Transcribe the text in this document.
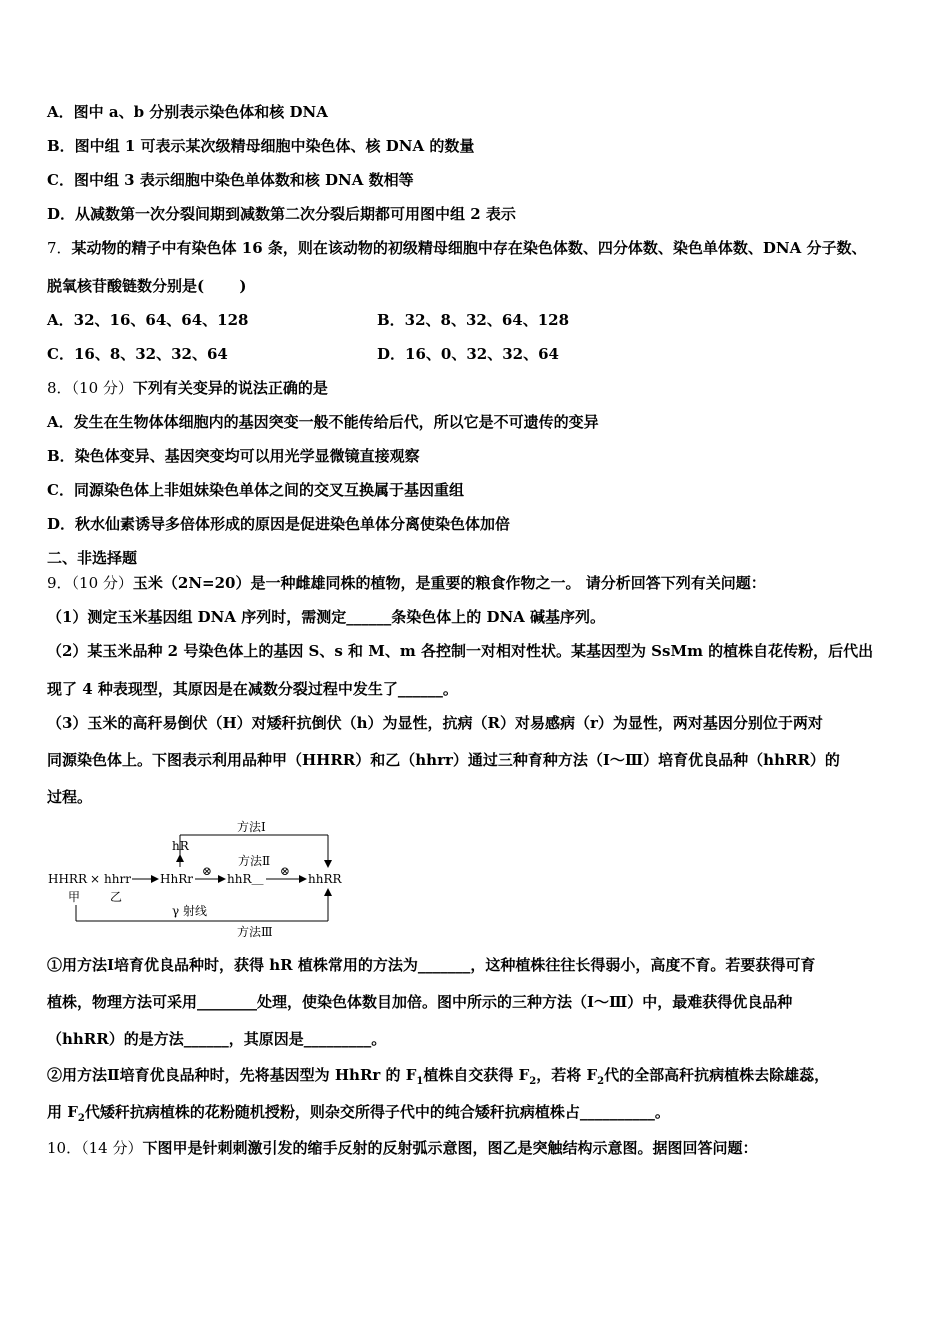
A．图中 a、b 分别表示染色体和核 DNA
B．图中组 1 可表示某次级精母细胞中染色体、核 DNA 的数量
C．图中组 3 表示细胞中染色单体数和核 DNA 数相等
D．从减数第一次分裂间期到减数第二次分裂后期都可用图中组 2 表示
7．某动物的精子中有染色体 16 条，则在该动物的初级精母细胞中存在染色体数、四分体数、染色单体数、DNA 分子数、
脱氧核苷酸链数分别是(　　 )
A．32、16、64、64、128	B．32、8、32、64、128
C．16、8、32、32、64	D．16、0、32、32、64
8．（10 分）下列有关变异的说法正确的是
A．发生在生物体体细胞内的基因突变一般不能传给后代，所以它是不可遗传的变异
B．染色体变异、基因突变均可以用光学显微镜直接观察
C．同源染色体上非姐妹染色单体之间的交叉互换属于基因重组
D．秋水仙素诱导多倍体形成的原因是促进染色单体分离使染色体加倍
二、非选择题
9．（10 分）玉米（2N=20）是一种雌雄同株的植物，是重要的粮食作物之一。 请分析回答下列有关问题：
（1）测定玉米基因组 DNA 序列时，需测定______条染色体上的 DNA 碱基序列。
（2）某玉米品种 2 号染色体上的基因 S、s 和 M、m 各控制一对相对性状。某基因型为 SsMm 的植株自花传粉，后代出
现了 4 种表现型，其原因是在减数分裂过程中发生了______。
（3）玉米的高秆易倒伏（H）对矮秆抗倒伏（h）为显性，抗病（R）对易感病（r）为显性，两对基因分别位于两对
同源染色体上。下图表示利用品种甲（HHRR）和乙（hhrr）通过三种育种方法（Ⅰ～Ⅲ）培育优良品种（hhRR）的
过程。
方法Ⅰ
hR
HHRR × hhrr HhRr
⊗
hhR＿
方法Ⅱ
⊗
hhRR
甲 乙
γ 射线
方法Ⅲ
①用方法Ⅰ培育优良品种时，获得 hR 植株常用的方法为_______，这种植株往往长得弱小，高度不育。若要获得可育
植株，物理方法可采用________处理，使染色体数目加倍。图中所示的三种方法（Ⅰ～Ⅲ）中，最难获得优良品种
（hhRR）的是方法______，其原因是_________。
②用方法Ⅱ培育优良品种时，先将基因型为 HhRr 的 $F_1$植株自交获得 $F_2$，若将 $F_2$代的全部高秆抗病植株去除雄蕊，
用 $F_2$代矮秆抗病植株的花粉随机授粉，则杂交所得子代中的纯合矮秆抗病植株占__________。
10．（14 分）下图甲是针刺刺激引发的缩手反射的反射弧示意图，图乙是突触结构示意图。据图回答问题：
